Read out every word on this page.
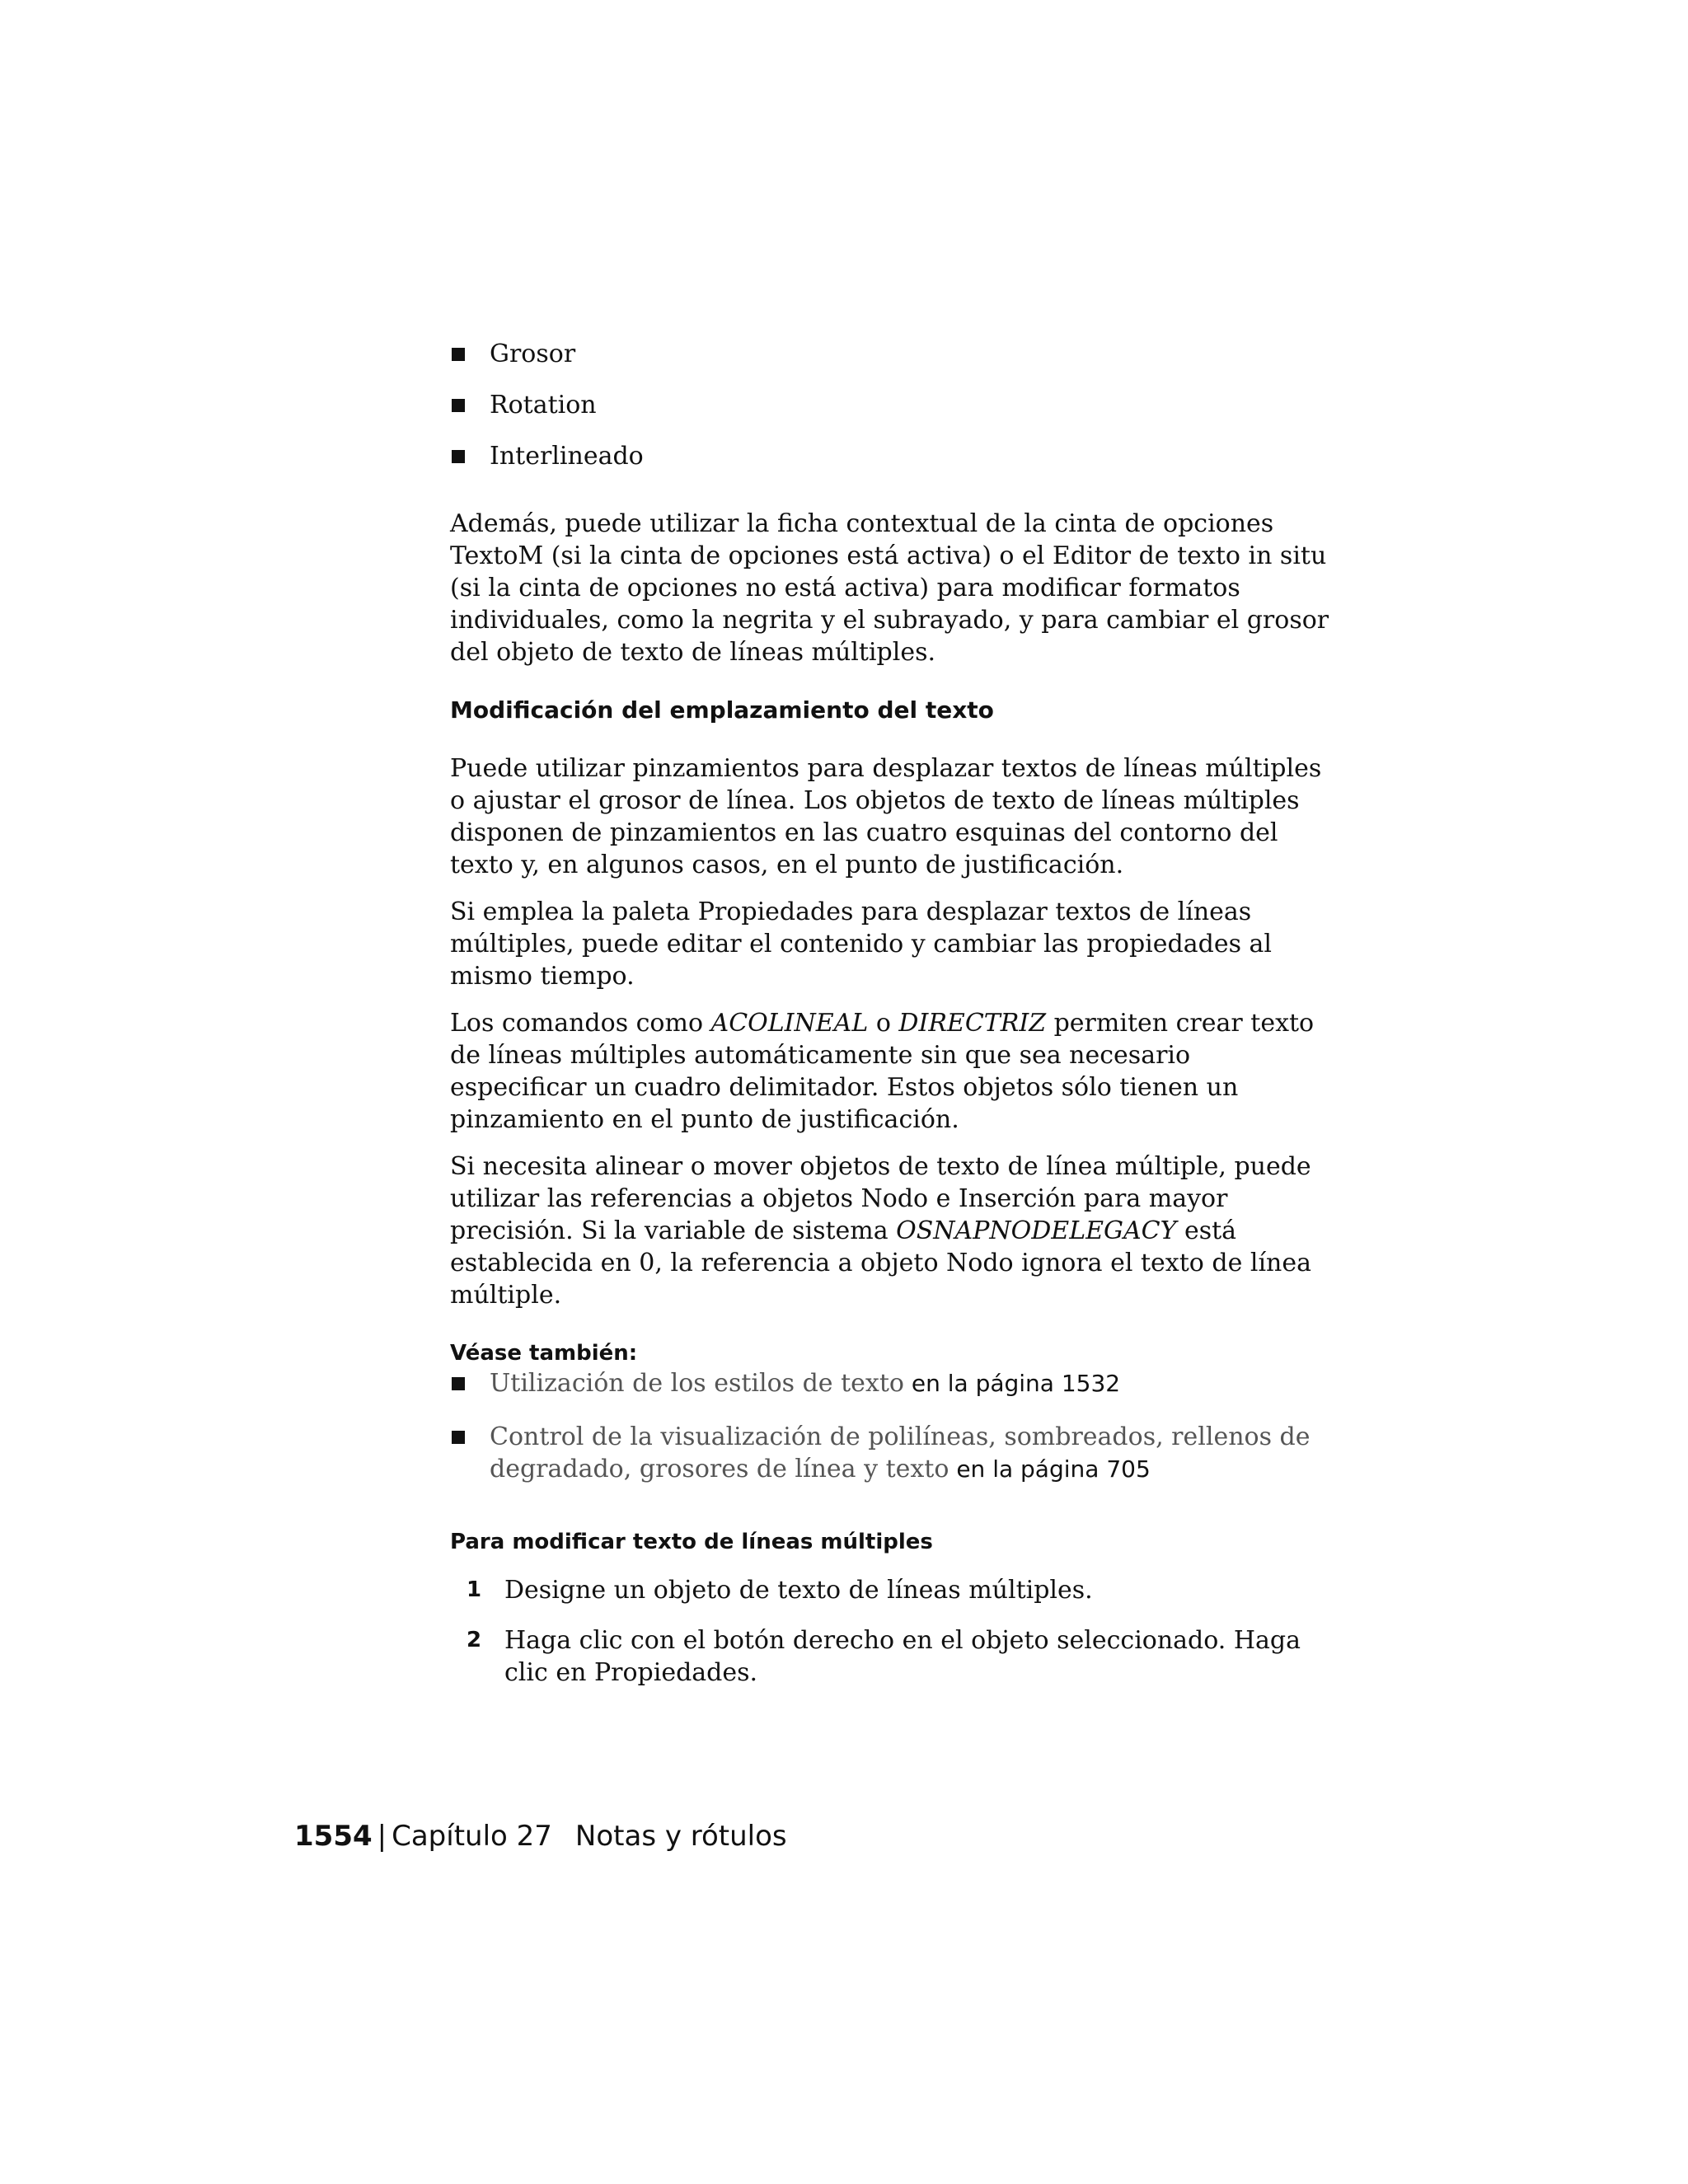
Grosor
Rotation
Interlineado

Además, puede utilizar la ficha contextual de la cinta de opciones TextoM (si la cinta de opciones está activa) o el Editor de texto in situ (si la cinta de opciones no está activa) para modificar formatos individuales, como la negrita y el subrayado, y para cambiar el grosor del objeto de texto de líneas múltiples.

Modificación del emplazamiento del texto

Puede utilizar pinzamientos para desplazar textos de líneas múltiples o ajustar el grosor de línea. Los objetos de texto de líneas múltiples disponen de pinzamientos en las cuatro esquinas del contorno del texto y, en algunos casos, en el punto de justificación.

Si emplea la paleta Propiedades para desplazar textos de líneas múltiples, puede editar el contenido y cambiar las propiedades al mismo tiempo.

Los comandos como ACOLINEAL o DIRECTRIZ permiten crear texto de líneas múltiples automáticamente sin que sea necesario especificar un cuadro delimitador. Estos objetos sólo tienen un pinzamiento en el punto de justificación.

Si necesita alinear o mover objetos de texto de línea múltiple, puede utilizar las referencias a objetos Nodo e Inserción para mayor precisión. Si la variable de sistema OSNAPNODELEGACY está establecida en 0, la referencia a objeto Nodo ignora el texto de línea múltiple.

Véase también:
Utilización de los estilos de texto en la página 1532
Control de la visualización de polilíneas, sombreados, rellenos de degradado, grosores de línea y texto en la página 705
Para modificar texto de líneas múltiples
1 Designe un objeto de texto de líneas múltiples.
2 Haga clic con el botón derecho en el objeto seleccionado. Haga clic en Propiedades.
1554 | Capítulo 27 Notas y rótulos
